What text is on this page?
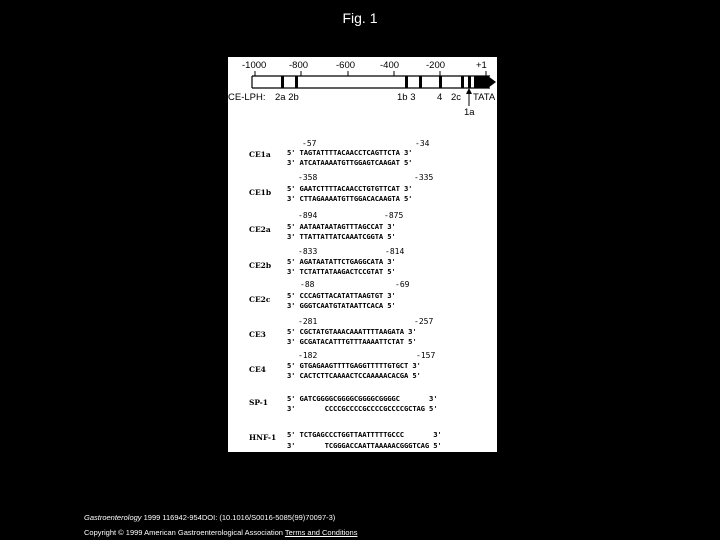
Fig. 1
-1000 -800	-600	-400	-200	+1
CE-LPH: 2a 2b	1b 3 4 2c TATA
1a
-57	-34
CE1a 5' TAGTATTTTACAACCTCAGTTCTA 3'
3' ATCATAAAATGTTGGAGTCAAGAT 5'
-358	-335
CE1b 5' GAATCTTTTACAACCTGTGTTCAT 3'
3' CTTAGAAAATGTTGGACACAAGTA 5'
-894	-875
CE2a 5' AATAATAATAGTTTAGCCAT 3'
3' TTATTATTATCAAATCGGTA 5'
-833	-814
CE2b 5' AGATAATATTCTGAGGCATA 3'
3' TCTATTATAAGACTCCGTAT 5'
-88	-69
CE2c 5' CCCAGTTACATATTAAGTGT 3'
3' GGGTCAATGTATAATTCACA 5'
-281	-257
CE3	5' CGCTATGTAAACAAATTTTAAGATA 3'
3' GCGATACATTTGTTTAAAATTCTAT 5'
-182	-157
CE4	5' GTGAGAAGTTTTGAGGTTTTTGTGCT 3'
3' CACTCTTCAAAACTCCAAAAACACGA 5'
SP-1	5' GATCGGGGCGGGGCGGGGCGGGGC       3'
3'       CCCCGCCCCGCCCCGCCCCGCTAG 5'
HNF-1 5' TCTGAGCCCTGGTTAATTTTTGCCC       3'
3'       TCGGGACCAATTAAAAACGGGTCAG 5'
Gastroenterology 1999 116942-954DOI: (10.1016/S0016-5085(99)70097-3)
Copyright © 1999 American Gastroenterological Association Terms and Conditions
